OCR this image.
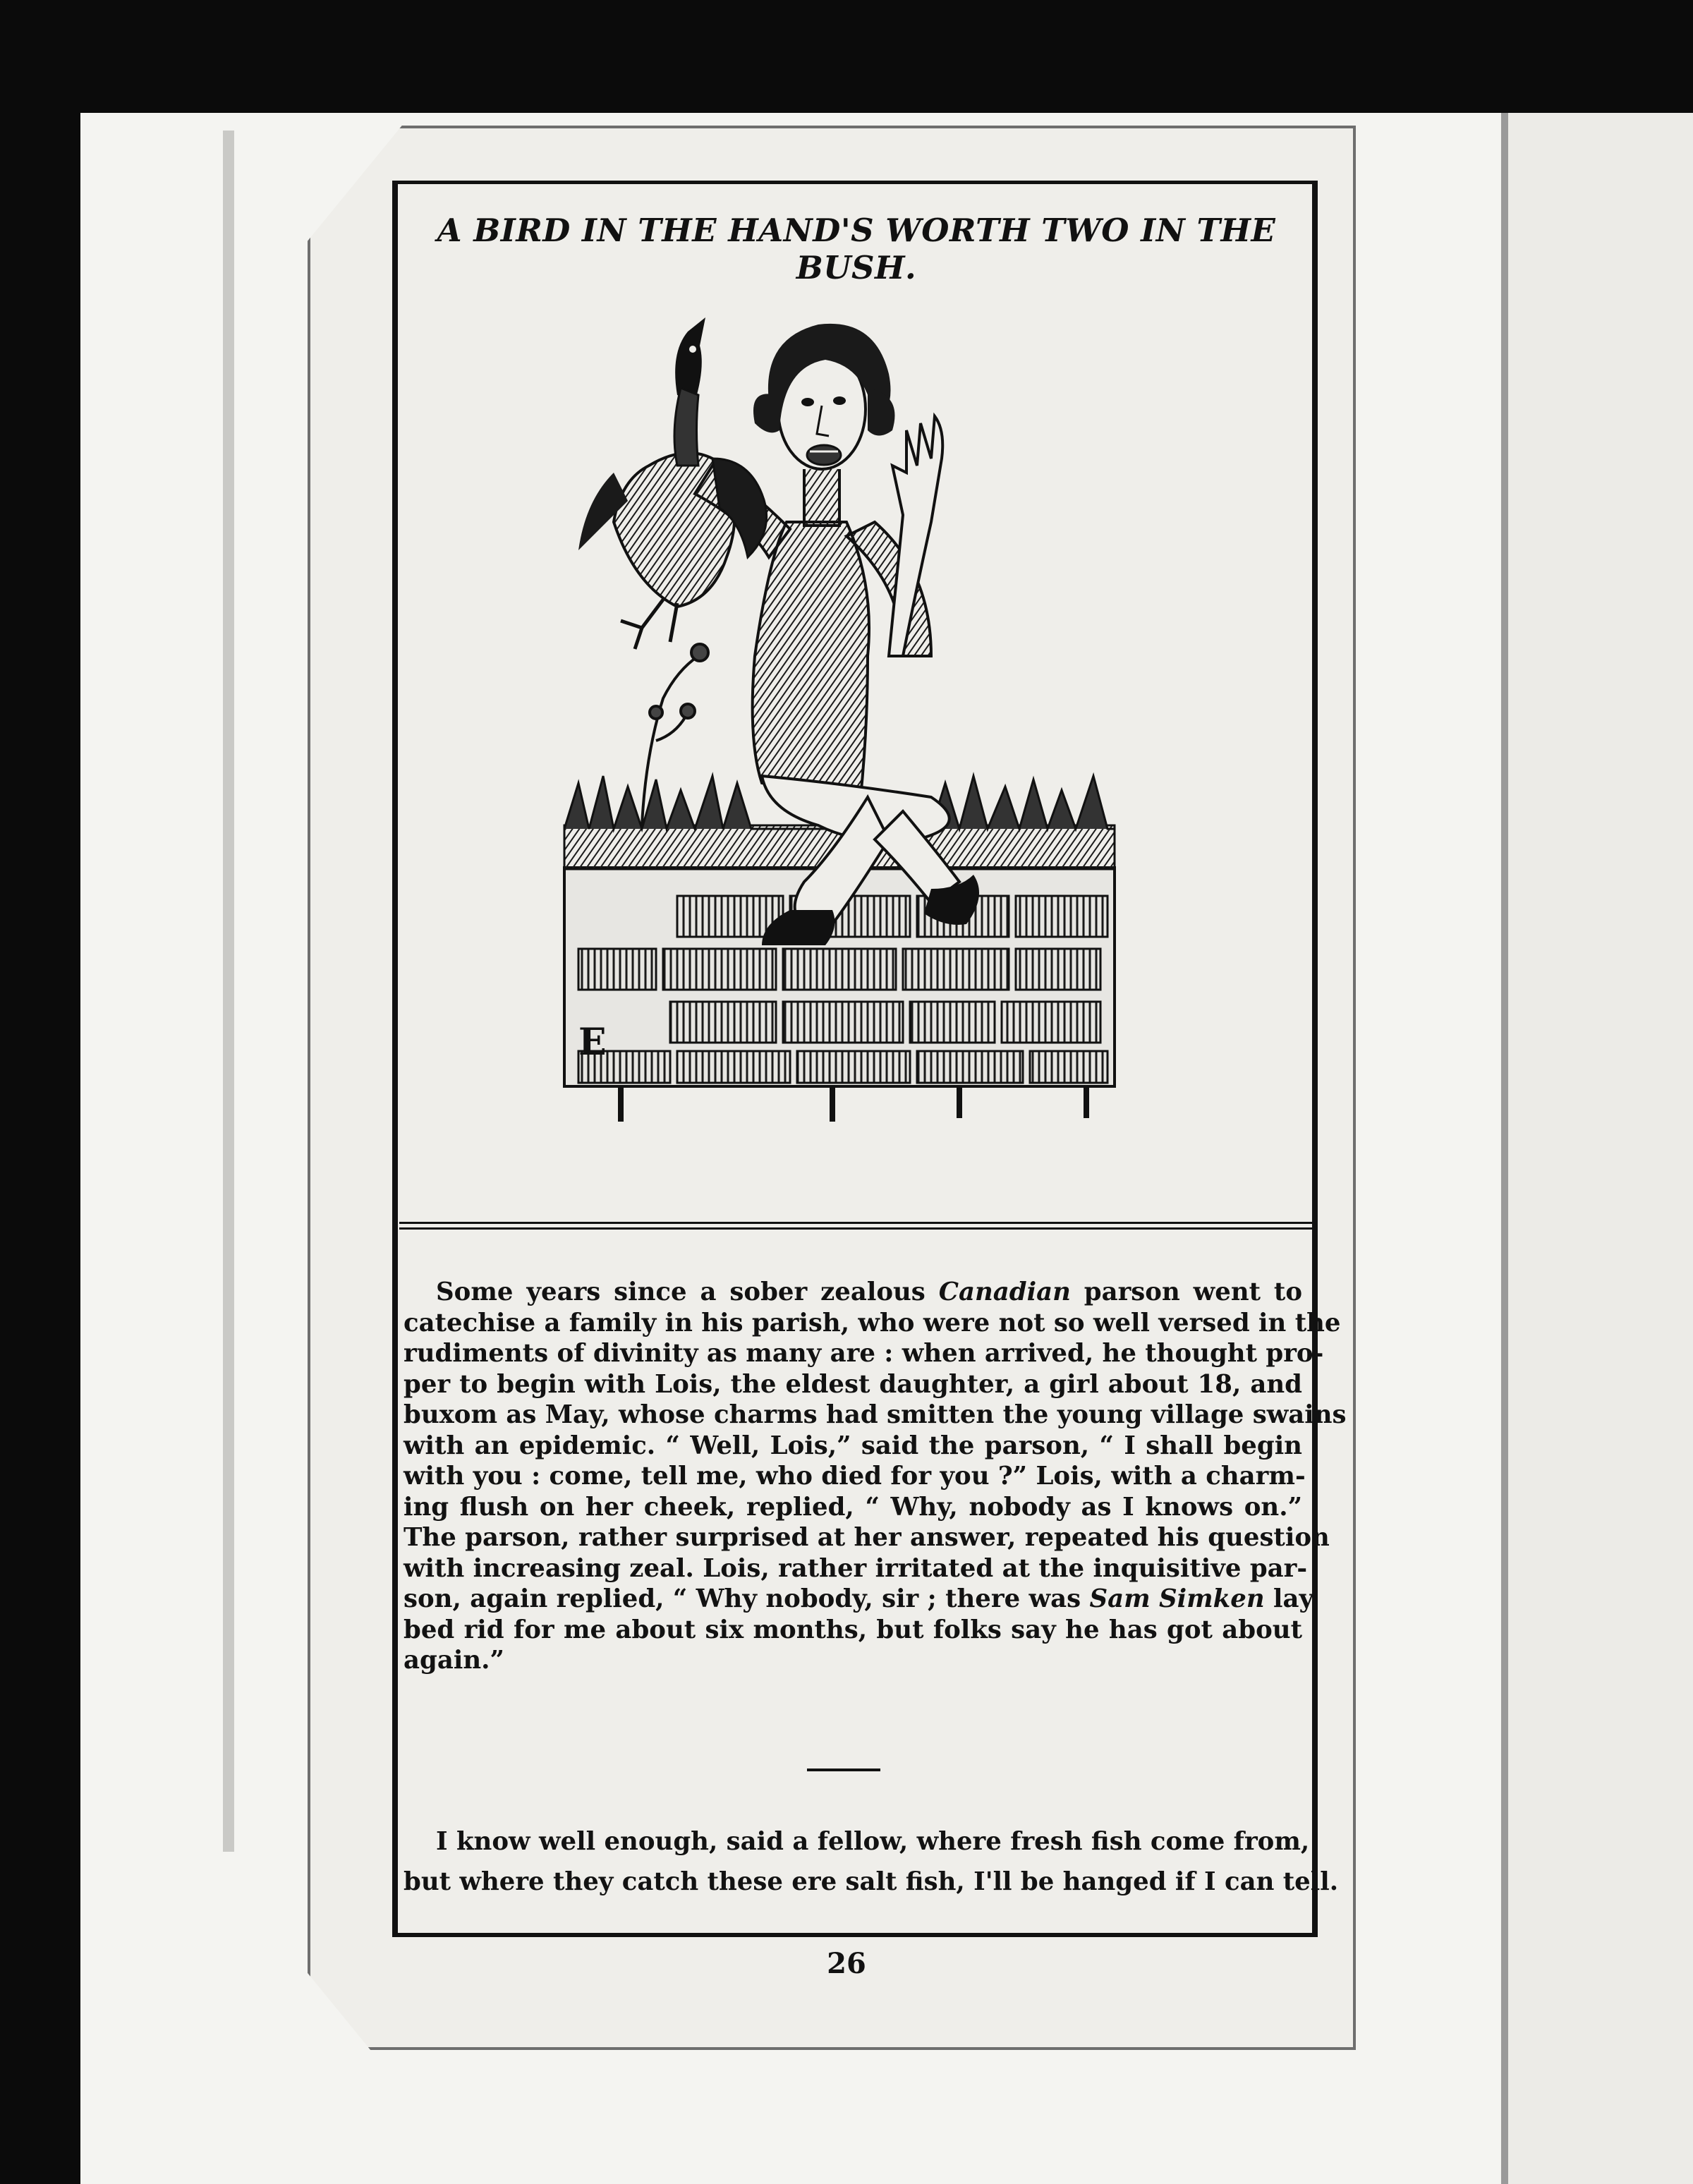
A BIRD IN THE HAND'S WORTH TWO IN THE BUSH.
E
Some years since a sober zealous Canadian parson went to
catechise a family in his parish, who were not so well versed in the
rudiments of divinity as many are : when arrived, he thought pro-
per to begin with Lois, the eldest daughter, a girl about 18, and
buxom as May, whose charms had smitten the young village swains
with an epidemic. “ Well, Lois,” said the parson, “ I shall begin
with you : come, tell me, who died for you ?” Lois, with a charm-
ing flush on her cheek, replied, “ Why, nobody as I knows on.”
The parson, rather surprised at her answer, repeated his question
with increasing zeal. Lois, rather irritated at the inquisitive par-
son, again replied, “ Why nobody, sir ; there was Sam Simken lay
bed rid for me about six months, but folks say he has got about
again.”
I know well enough, said a fellow, where fresh fish come from,
but where they catch these ere salt fish, I'll be hanged if I can tell.
26
